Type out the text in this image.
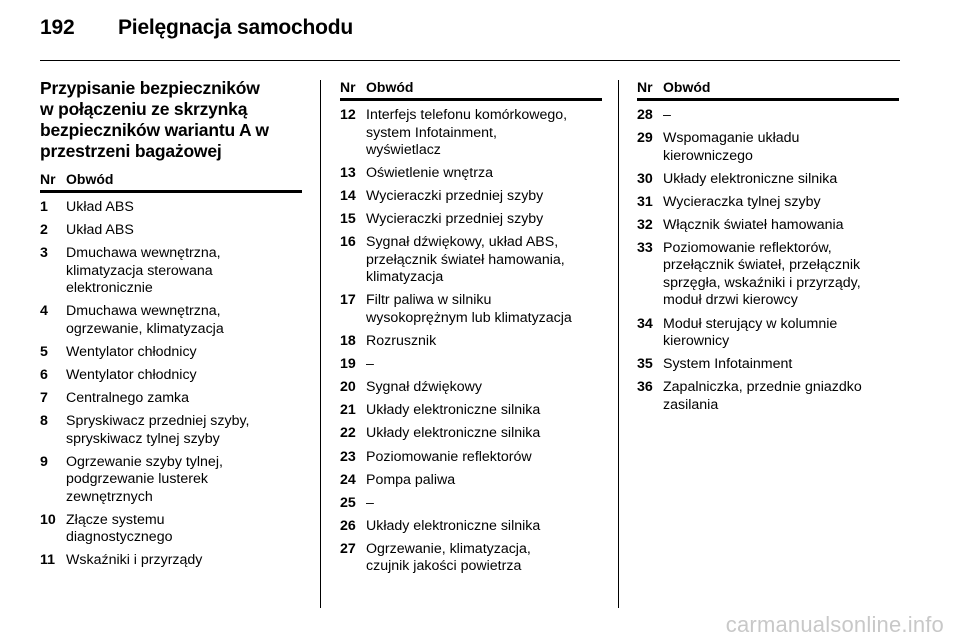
192	Pielęgnacja samochodu
Przypisanie bezpieczników
w połączeniu ze skrzynką
bezpieczników wariantu A w
przestrzeni bagażowej
Nr Obwód
1	Układ ABS
2	Układ ABS
3	Dmuchawa wewnętrzna,
klimatyzacja sterowana
elektronicznie
4	Dmuchawa wewnętrzna,
ogrzewanie, klimatyzacja
5	Wentylator chłodnicy
6	Wentylator chłodnicy
7	Centralnego zamka
8	Spryskiwacz przedniej szyby,
spryskiwacz tylnej szyby
9	Ogrzewanie szyby tylnej,
podgrzewanie lusterek
zewnętrznych
10 Złącze systemu
diagnostycznego
11 Wskaźniki i przyrządy
Nr Obwód
12 Interfejs telefonu komórkowego,
system Infotainment,
wyświetlacz
13 Oświetlenie wnętrza
14 Wycieraczki przedniej szyby
15 Wycieraczki przedniej szyby
16 Sygnał dźwiękowy, układ ABS,
przełącznik świateł hamowania,
klimatyzacja
17 Filtr paliwa w silniku
wysokoprężnym lub klimatyzacja
18 Rozrusznik
19 –
20 Sygnał dźwiękowy
21 Układy elektroniczne silnika
22 Układy elektroniczne silnika
23 Poziomowanie reflektorów
24 Pompa paliwa
25 –
26 Układy elektroniczne silnika
27 Ogrzewanie, klimatyzacja,
czujnik jakości powietrza
Nr Obwód
28 –
29 Wspomaganie układu
kierowniczego
30 Układy elektroniczne silnika
31 Wycieraczka tylnej szyby
32 Włącznik świateł hamowania
33 Poziomowanie reflektorów,
przełącznik świateł, przełącznik
sprzęgła, wskaźniki i przyrządy,
moduł drzwi kierowcy
34 Moduł sterujący w kolumnie
kierownicy
35 System Infotainment
36 Zapalniczka, przednie gniazdko
zasilania
carmanualsonline.info
